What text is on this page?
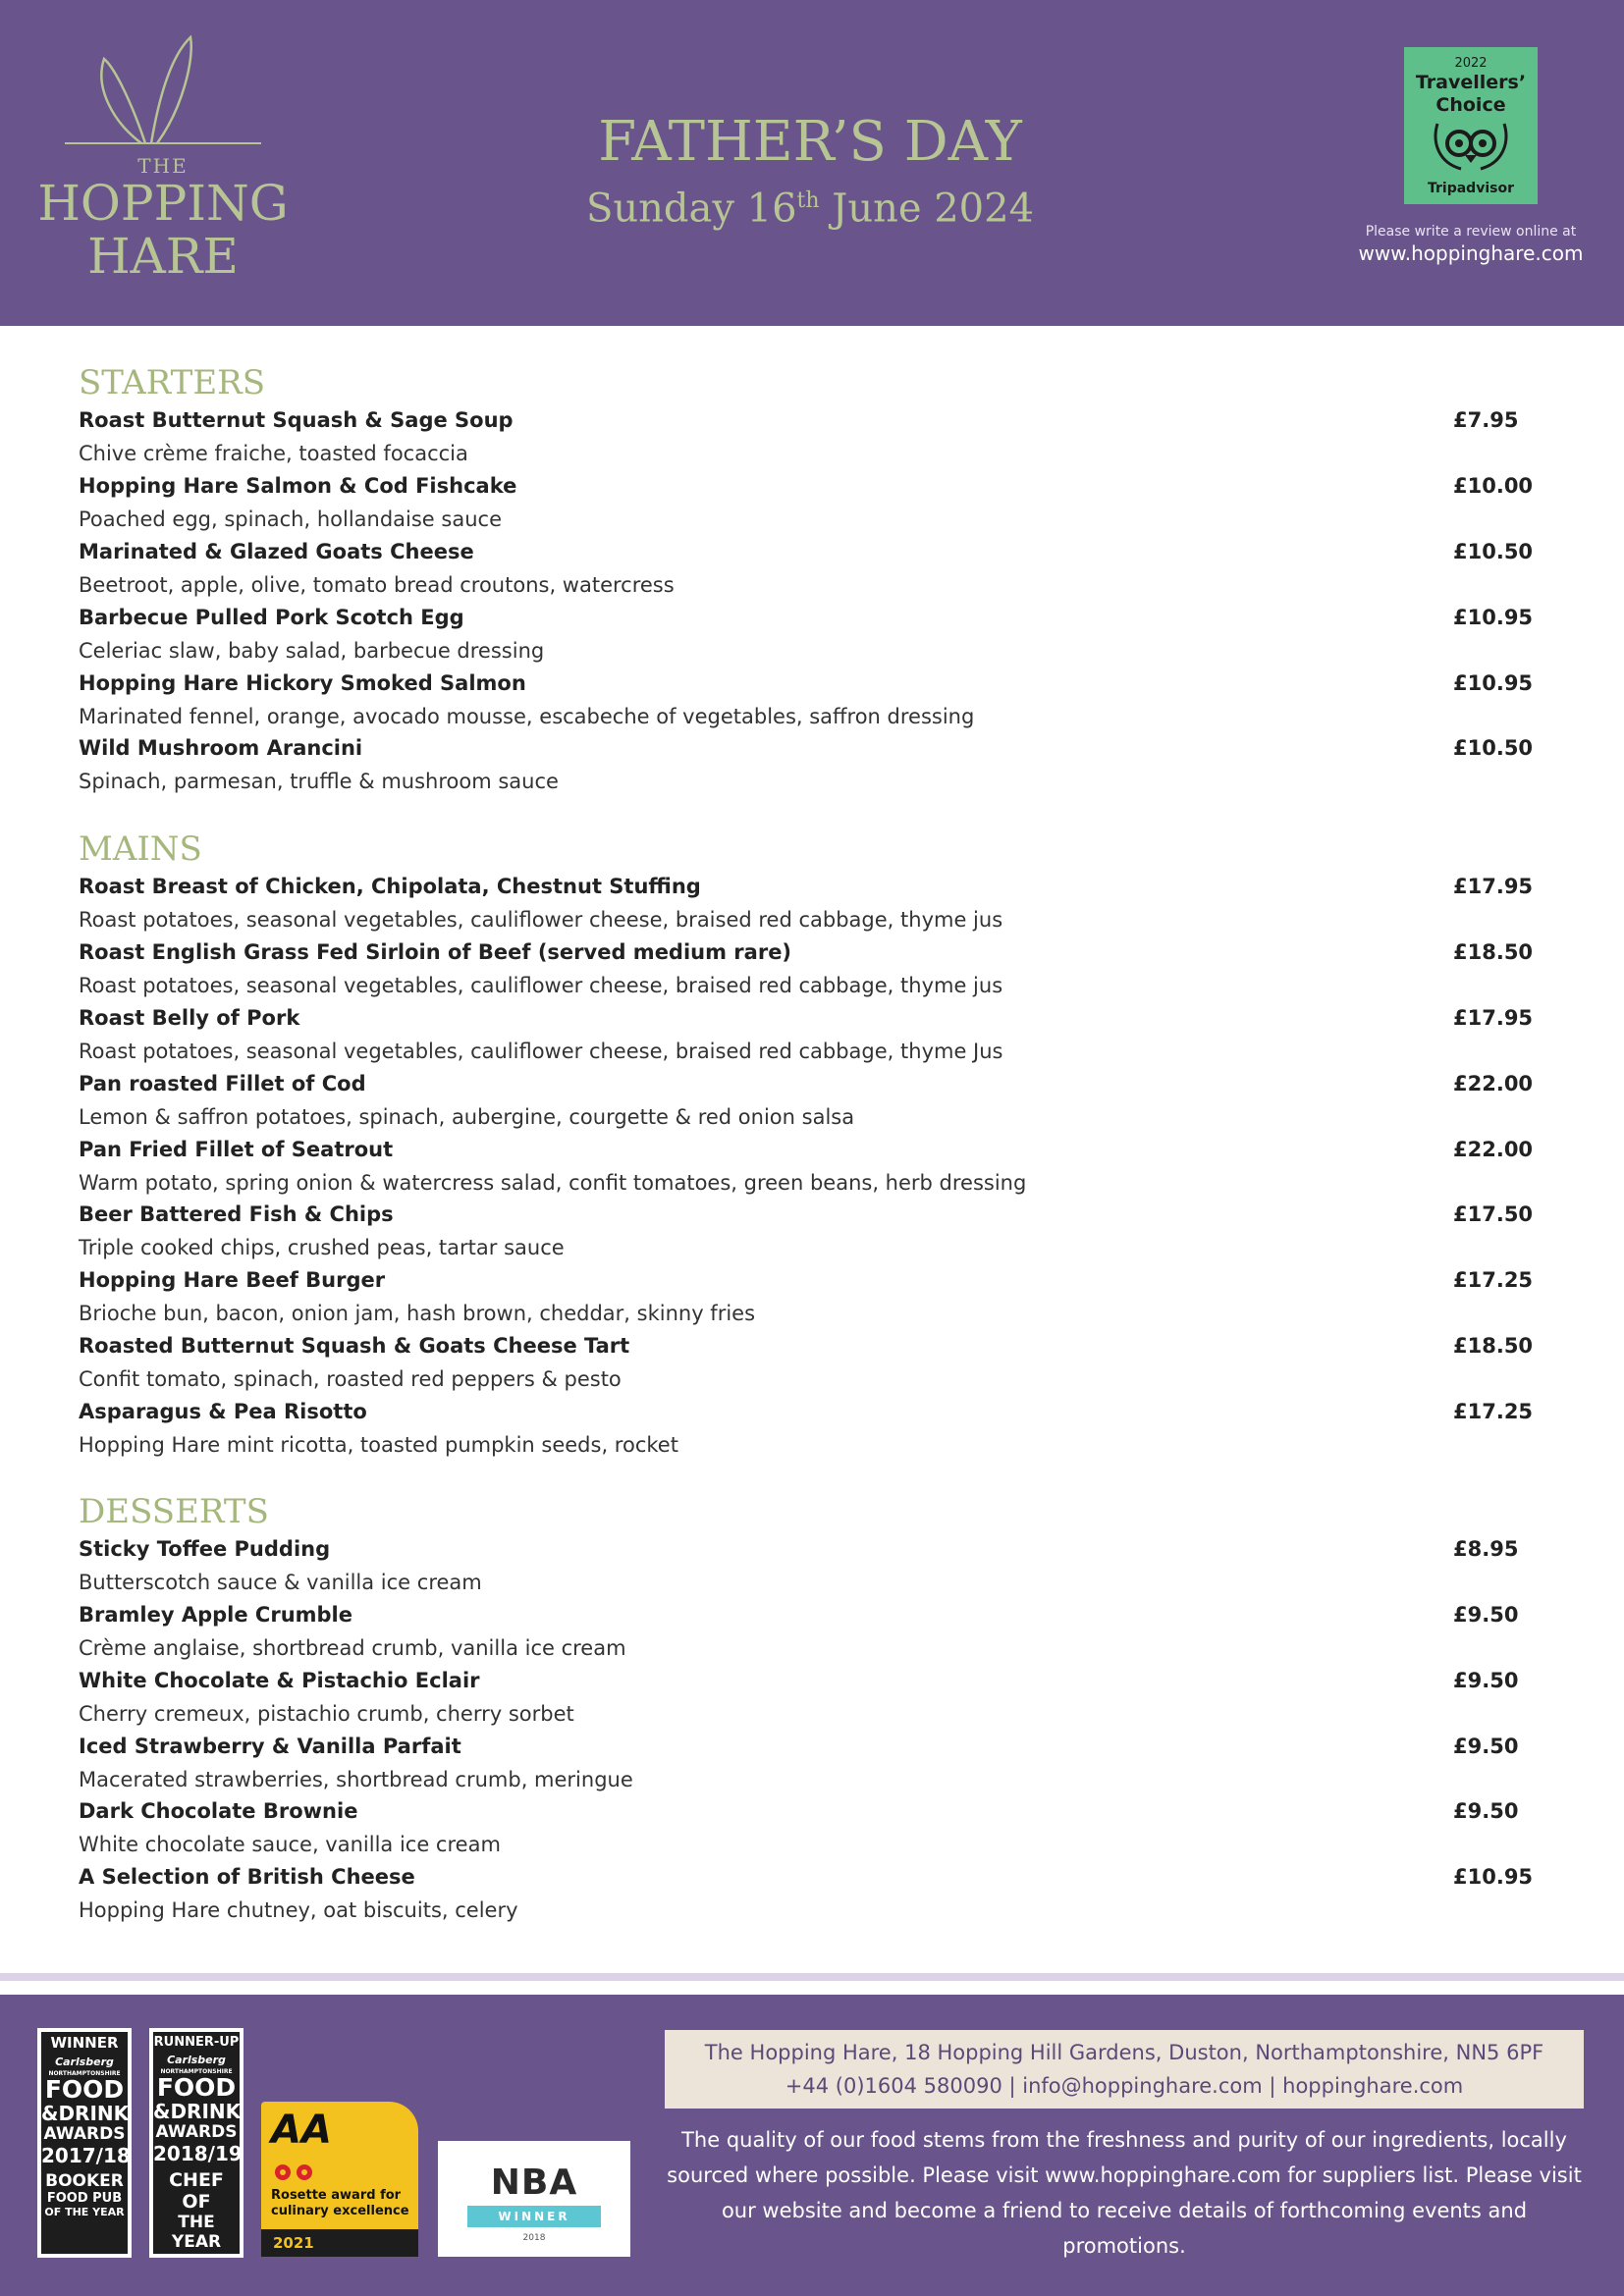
THE
HOPPING
HARE
FATHER’S DAY
Sunday 16th June 2024
2022
Travellers’
Choice
Tripadvisor
Please write a review online at
www.hoppinghare.com
STARTERS
Roast Butternut Squash & Sage Soup	£7.95
Chive crème fraiche, toasted focaccia
Hopping Hare Salmon & Cod Fishcake	£10.00
Poached egg, spinach, hollandaise sauce
Marinated & Glazed Goats Cheese	£10.50
Beetroot, apple, olive, tomato bread croutons, watercress
Barbecue Pulled Pork Scotch Egg	£10.95
Celeriac slaw, baby salad, barbecue dressing
Hopping Hare Hickory Smoked Salmon	£10.95
Marinated fennel, orange, avocado mousse, escabeche of vegetables, saffron dressing
Wild Mushroom Arancini	£10.50
Spinach, parmesan, truffle & mushroom sauce
MAINS
Roast Breast of Chicken, Chipolata, Chestnut Stuffing	£17.95
Roast potatoes, seasonal vegetables, cauliflower cheese, braised red cabbage, thyme jus
Roast English Grass Fed Sirloin of Beef (served medium rare)	£18.50
Roast potatoes, seasonal vegetables, cauliflower cheese, braised red cabbage, thyme jus
Roast Belly of Pork	£17.95
Roast potatoes, seasonal vegetables, cauliflower cheese, braised red cabbage, thyme Jus
Pan roasted Fillet of Cod	£22.00
Lemon & saffron potatoes, spinach, aubergine, courgette & red onion salsa
Pan Fried Fillet of Seatrout	£22.00
Warm potato, spring onion & watercress salad, confit tomatoes, green beans, herb dressing
Beer Battered Fish & Chips	£17.50
Triple cooked chips, crushed peas, tartar sauce
Hopping Hare Beef Burger	£17.25
Brioche bun, bacon, onion jam, hash brown, cheddar, skinny fries
Roasted Butternut Squash & Goats Cheese Tart	£18.50
Confit tomato, spinach, roasted red peppers & pesto
Asparagus & Pea Risotto	£17.25
Hopping Hare mint ricotta, toasted pumpkin seeds, rocket
DESSERTS
Sticky Toffee Pudding	£8.95
Butterscotch sauce & vanilla ice cream
Bramley Apple Crumble	£9.50
Crème anglaise, shortbread crumb, vanilla ice cream
White Chocolate & Pistachio Eclair	£9.50
Cherry cremeux, pistachio crumb, cherry sorbet
Iced Strawberry & Vanilla Parfait	£9.50
Macerated strawberries, shortbread crumb, meringue
Dark Chocolate Brownie	£9.50
White chocolate sauce, vanilla ice cream
A Selection of British Cheese	£10.95
Hopping Hare chutney, oat biscuits, celery
WINNER
Carlsberg
NORTHAMPTONSHIRE
FOOD
&DRINK
AWARDS
2017/18
BOOKER
FOOD PUB
OF THE YEAR
RUNNER-UP
Carlsberg
NORTHAMPTONSHIRE
FOOD
&DRINK
AWARDS
2018/19
CHEF OF
THE YEAR
AA
Rosette award for
culinary excellence
2021
NBA
WINNER
2018
The Hopping Hare, 18 Hopping Hill Gardens, Duston, Northamptonshire, NN5 6PF
+44 (0)1604 580090 | info@hoppinghare.com | hoppinghare.com
The quality of our food stems from the freshness and purity of our ingredients, locally sourced where possible. Please visit www.hoppinghare.com for suppliers list. Please visit our website and become a friend to receive details of forthcoming events and promotions.
